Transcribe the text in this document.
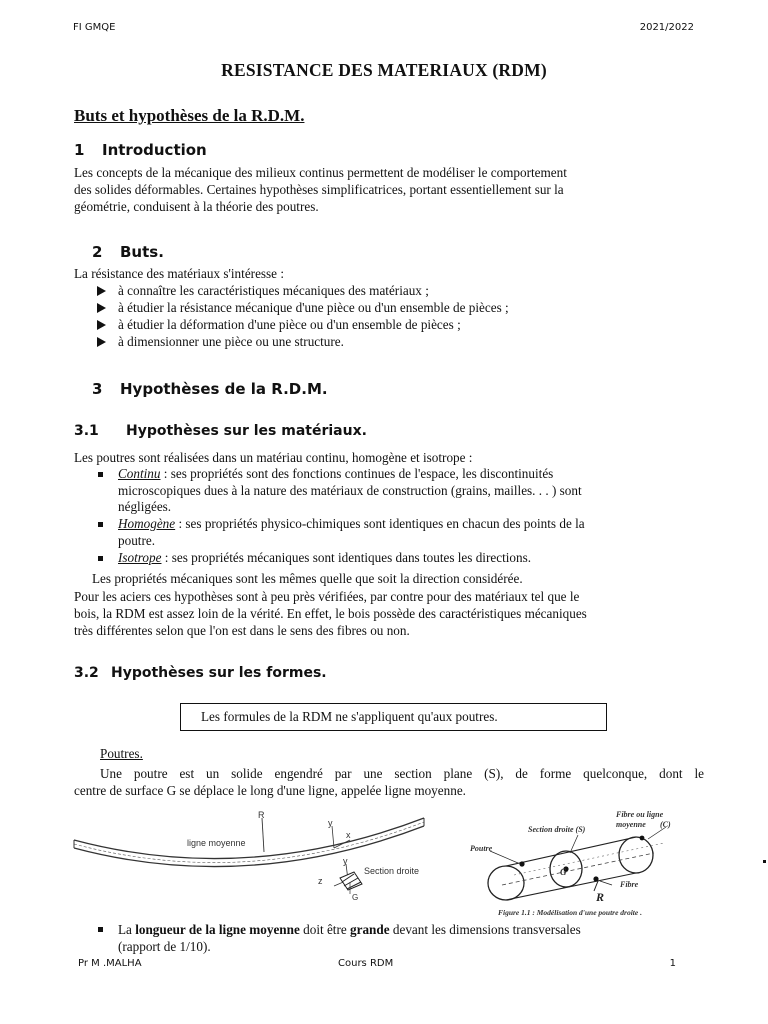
FI GMQE	2021/2022
RESISTANCE DES MATERIAUX (RDM)
Buts et hypothèses de la R.D.M.
1 Introduction
Les concepts de la mécanique des milieux continus permettent de modéliser le comportement
des solides déformables. Certaines hypothèses simplificatrices, portant essentiellement sur la
géométrie, conduisent à la théorie des poutres.
2 Buts.
La résistance des matériaux s'intéresse :
à connaître les caractéristiques mécaniques des matériaux ;
à étudier la résistance mécanique d'une pièce ou d'un ensemble de pièces ;
à étudier la déformation d'une pièce ou d'un ensemble de pièces ;
à dimensionner une pièce ou une structure.
3 Hypothèses de la R.D.M.
3.1 Hypothèses sur les matériaux.
Les poutres sont réalisées dans un matériau continu, homogène et isotrope :
Continu : ses propriétés sont des fonctions continues de l'espace, les discontinuités
microscopiques dues à la nature des matériaux de construction (grains, mailles. . . ) sont
négligées.
Homogène : ses propriétés physico-chimiques sont identiques en chacun des points de la
poutre.
Isotrope : ses propriétés mécaniques sont identiques dans toutes les directions.
Les propriétés mécaniques sont les mêmes quelle que soit la direction considérée.
Pour les aciers ces hypothèses sont à peu près vérifiées, par contre pour des matériaux tel que le
bois, la RDM est assez loin de la vérité. En effet, le bois possède des caractéristiques mécaniques
très différentes selon que l'on est dans le sens des fibres ou non.
3.2 Hypothèses sur les formes.
Les formules de la RDM ne s'appliquent qu'aux poutres.
Poutres.
Une poutre est un solide engendré par une section plane (S), de forme quelconque, dont le
centre de surface G se déplace le long d'une ligne, appelée ligne moyenne.
ligne moyenne
R
y
x
y
z
Section droite
G
Fibre ou ligne
moyenne (C)
Section droite (S)
Poutre
G
R
Fibre
Figure 1.1 : Modélisation d'une poutre droite .
La longueur de la ligne moyenne doit être grande devant les dimensions transversales
(rapport de 1/10).
Pr M .MALHA	Cours RDM	1
